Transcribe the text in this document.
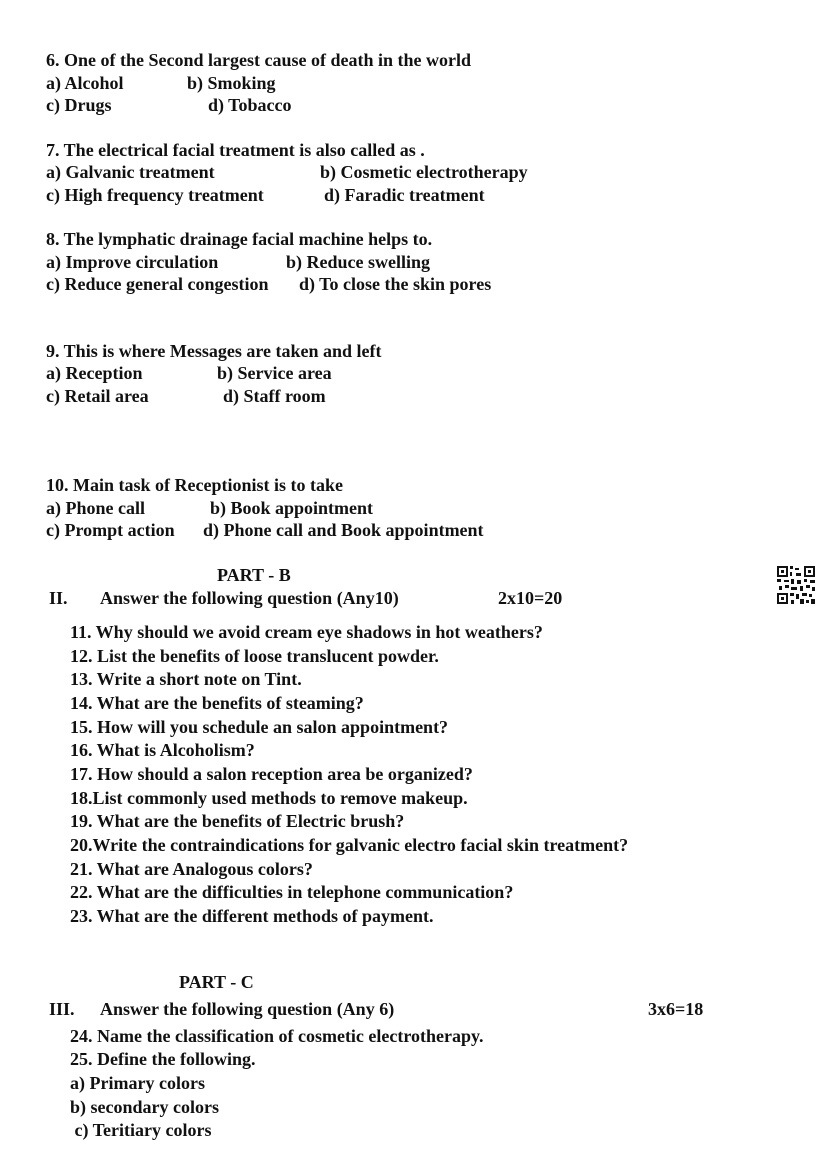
6. One of the Second largest cause of death in the world
a) Alcohol	b) Smoking
c) Drugs	d) Tobacco
7. The electrical facial treatment is also called as .
a) Galvanic treatment	b) Cosmetic electrotherapy
c) High frequency treatment	d) Faradic treatment
8. The lymphatic drainage facial machine helps to.
a) Improve circulation	b) Reduce swelling
c) Reduce general congestion d) To close the skin pores
9. This is where Messages are taken and left
a) Reception	b) Service area
c) Retail area	d) Staff room
10. Main task of Receptionist is to take
a) Phone call	b) Book appointment
c) Prompt action d) Phone call and Book appointment
PART - B
II. Answer the following question (Any10)	2x10=20
11. Why should we avoid cream eye shadows in hot weathers?
12. List the benefits of loose translucent powder.
13. Write a short note on Tint.
14. What are the benefits of steaming?
15. How will you schedule an salon appointment?
16. What is Alcoholism?
17. How should a salon reception area be organized?
18.List commonly used methods to remove makeup.
19. What are the benefits of Electric brush?
20.Write the contraindications for galvanic electro facial skin treatment?
21. What are Analogous colors?
22. What are the difficulties in telephone communication?
23. What are the different methods of payment.
PART - C
III. Answer the following question (Any 6)	3x6=18
24. Name the classification of cosmetic electrotherapy.
25. Define the following.
a) Primary colors
b) secondary colors
c) Teritiary colors
